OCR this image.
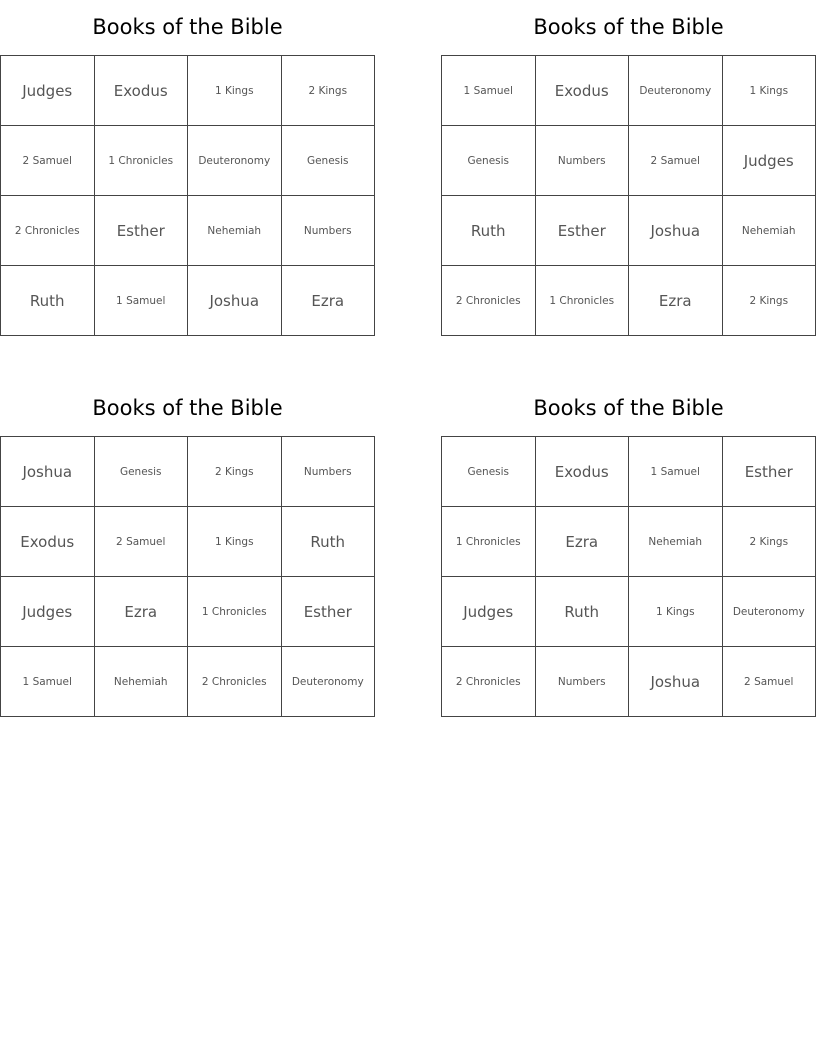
Books of the Bible
Judges	Exodus	1 Kings	2 Kings
2 Samuel	1 Chronicles	Deuteronomy	Genesis
2 Chronicles	Esther	Nehemiah	Numbers
Ruth	1 Samuel	Joshua	Ezra
Books of the Bible
1 Samuel	Exodus	Deuteronomy	1 Kings
Genesis	Numbers	2 Samuel	Judges
Ruth	Esther	Joshua	Nehemiah
2 Chronicles	1 Chronicles	Ezra	2 Kings
Books of the Bible
Joshua	Genesis	2 Kings	Numbers
Exodus	2 Samuel	1 Kings	Ruth
Judges	Ezra	1 Chronicles	Esther
1 Samuel	Nehemiah	2 Chronicles	Deuteronomy
Books of the Bible
Genesis	Exodus	1 Samuel	Esther
1 Chronicles	Ezra	Nehemiah	2 Kings
Judges	Ruth	1 Kings	Deuteronomy
2 Chronicles	Numbers	Joshua	2 Samuel
